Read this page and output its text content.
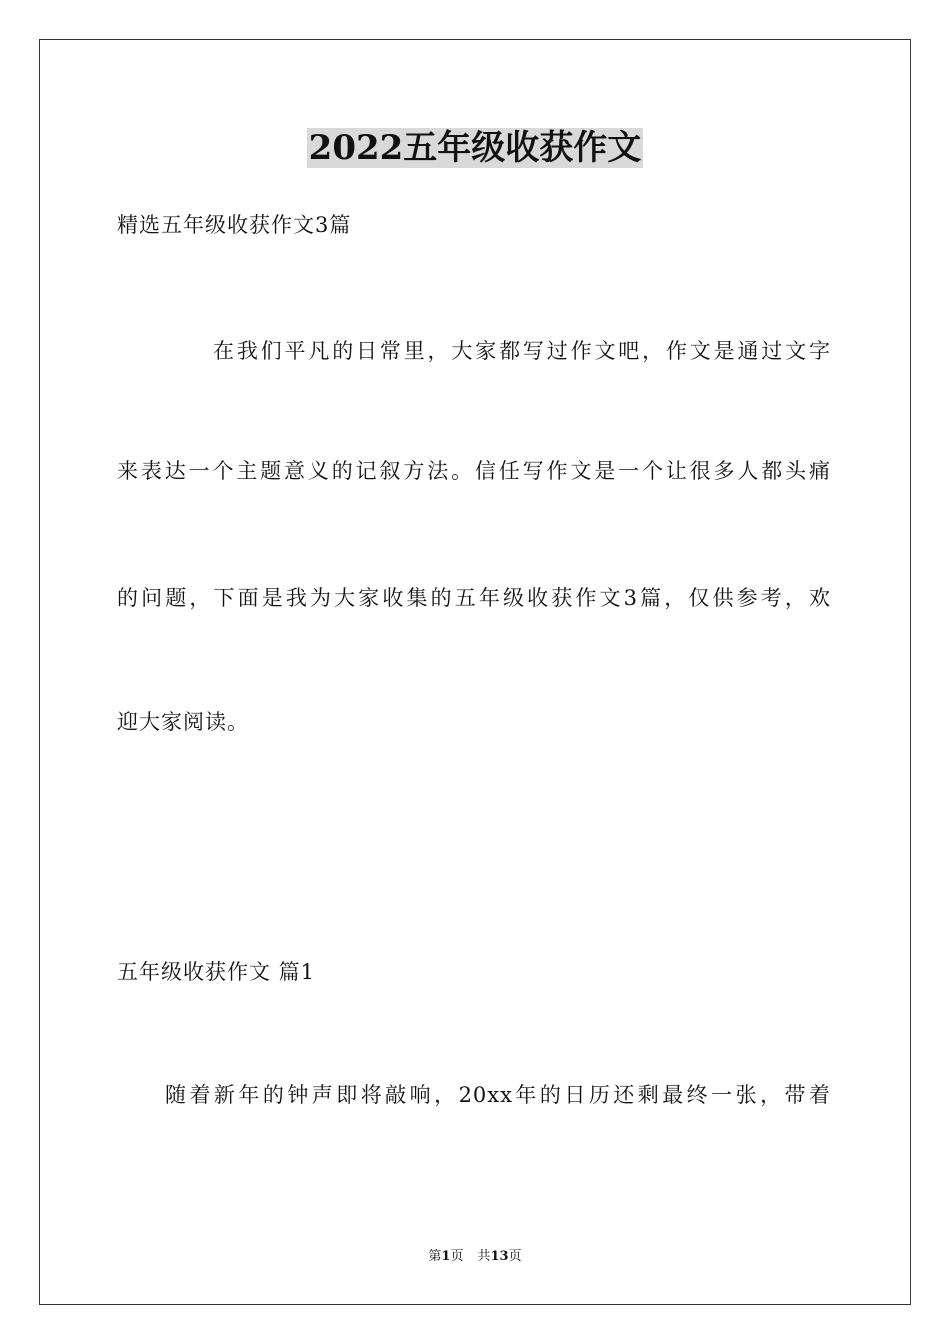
2022五年级收获作文
精选五年级收获作文3篇
在我们平凡的日常里，大家都写过作文吧，作文是通过文字
来表达一个主题意义的记叙方法。信任写作文是一个让很多人都头痛
的问题，下面是我为大家收集的五年级收获作文3篇，仅供参考，欢
迎大家阅读。
五年级收获作文 篇1
随着新年的钟声即将敲响，20xx年的日历还剩最终一张，带着
第1页 共13页
